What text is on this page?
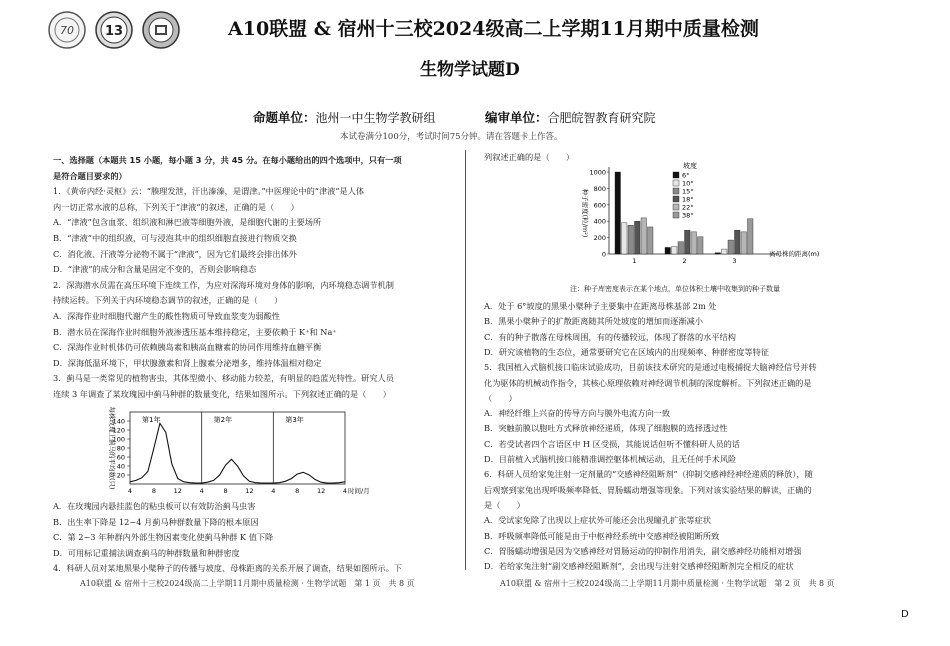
70 13	A10联盟 & 宿州十三校2024级高二上学期11月期中质量检测
生物学试题D
命题单位：池州一中生物学教研组	编审单位：合肥皖智教育研究院
本试卷满分100分，考试时间75分钟。请在答题卡上作答。
一、选择题（本题共 15 小题，每小题 3 分，共 45 分。在每小题给出的四个选项中，只有一项
是符合题目要求的）
1．《黄帝内经·灵枢》云：“腠理发泄，汗出溱溱，是谓津。”中医理论中的“津液”是人体
内一切正常水液的总称，下列关于“津液”的叙述，正确的是（　　）
A．“津液”包含血浆、组织液和淋巴液等细胞外液，是细胞代谢的主要场所
B．“津液”中的组织液，可与浸泡其中的组织细胞直接进行物质交换
C．消化液、汗液等分泌物不属于“津液”，因为它们最终会排出体外
D．“津液”的成分和含量是固定不变的，否则会影响稳态
2．深海潜水员需在高压环境下连续工作，为应对深海环境对身体的影响，内环境稳态调节机制
持续运转。下列关于内环境稳态调节的叙述，正确的是（　　）
A．深海作业时细胞代谢产生的酸性物质可导致血浆变为弱酸性
B．潜水员在深海作业时细胞外液渗透压基本维持稳定，主要依赖于 K⁺和 Na⁺
C．深海作业时机体仍可依赖胰岛素和胰高血糖素的协同作用维持血糖平衡
D．深海低温环境下，甲状腺激素和肾上腺素分泌增多，维持体温相对稳定
3．蓟马是一类常见的植物害虫，其体型微小、移动能力较差，有明显的趋蓝光特性。研究人员
连续 3 年调查了某玫瑰园中蓟马种群的数量变化，结果如图所示。下列叙述正确的是（　　）
第1年	第2年	第3年
20
40
60
80
100
120
140
4	8	12	4	8	12	4	8	12	4 时间/月
每株玫瑰上蓟马的平均数(只)
A．在玫瑰园内悬挂蓝色的粘虫板可以有效防治蓟马虫害
B．出生率下降是 12~4 月蓟马种群数量下降的根本原因
C．第 2~3 年种群内外部生物因素变化使蓟马种群 K 值下降
D．可用标记重捕法调查蓟马的种群数量和种群密度
4．科研人员对某地黑果小檗种子的传播与坡度、母株距离的关系开展了调查，结果如图所示。下
列叙述正确的是（　　）
0
200
400
600
800
1000
种子密度(粒/m²)
1	2	3
离母株的距离(m)
坡度
6°
10°
15°
18°
22°
38°
注：种子库密度表示在某个地点，单位体积土壤中收集到的种子数量
A．处于 6°坡度的黑果小檗种子主要集中在距离母株基部 2m 处
B．黑果小檗种子的扩散距离随其所处坡度的增加而逐渐减小
C．有的种子散落在母株周围，有的传播较远，体现了群落的水平结构
D．研究该植物的生态位，通常要研究它在区域内的出现频率、种群密度等特征
5．我国植入式脑机接口临床试验成功，目前该技术研究的是通过电极捕捉大脑神经信号并转
化为驱体的机械动作指令，其核心原理依赖对神经调节机制的深度解析。下列叙述正确的是
（　　）
A．神经纤维上兴奋的传导方向与膜外电流方向一致
B．突触前膜以胞吐方式释放神经递质，体现了细胞膜的选择透过性
C．若受试者四个言语区中 H 区受损，其能说话但听不懂科研人员的话
D．目前植入式脑机接口能精准调控躯体机械运动，且无任何手术风险
6．科研人员给家兔注射一定剂量的“交感神经阻断剂”（抑制交感神经神经递质的释放），随
后观察到家兔出现呼吸频率降低、胃肠蠕动增强等现象。下列对该实验结果的解读，正确的
是（　　）
A．受试家兔除了出现以上症状外可能还会出现瞳孔扩张等症状
B．呼吸频率降低可能是由于中枢神经系统中交感神经被阻断所致
C．胃肠蠕动增强是因为交感神经对胃肠运动的抑制作用消失，副交感神经功能相对增强
D．若给家兔注射“副交感神经阻断剂”，会出现与注射交感神经阻断剂完全相反的症状
A10联盟 & 宿州十三校2024级高二上学期11月期中质量检测 · 生物学试题　第 1 页　共 8 页	A10联盟 & 宿州十三校2024级高二上学期11月期中质量检测 · 生物学试题　第 2 页　共 8 页
D
